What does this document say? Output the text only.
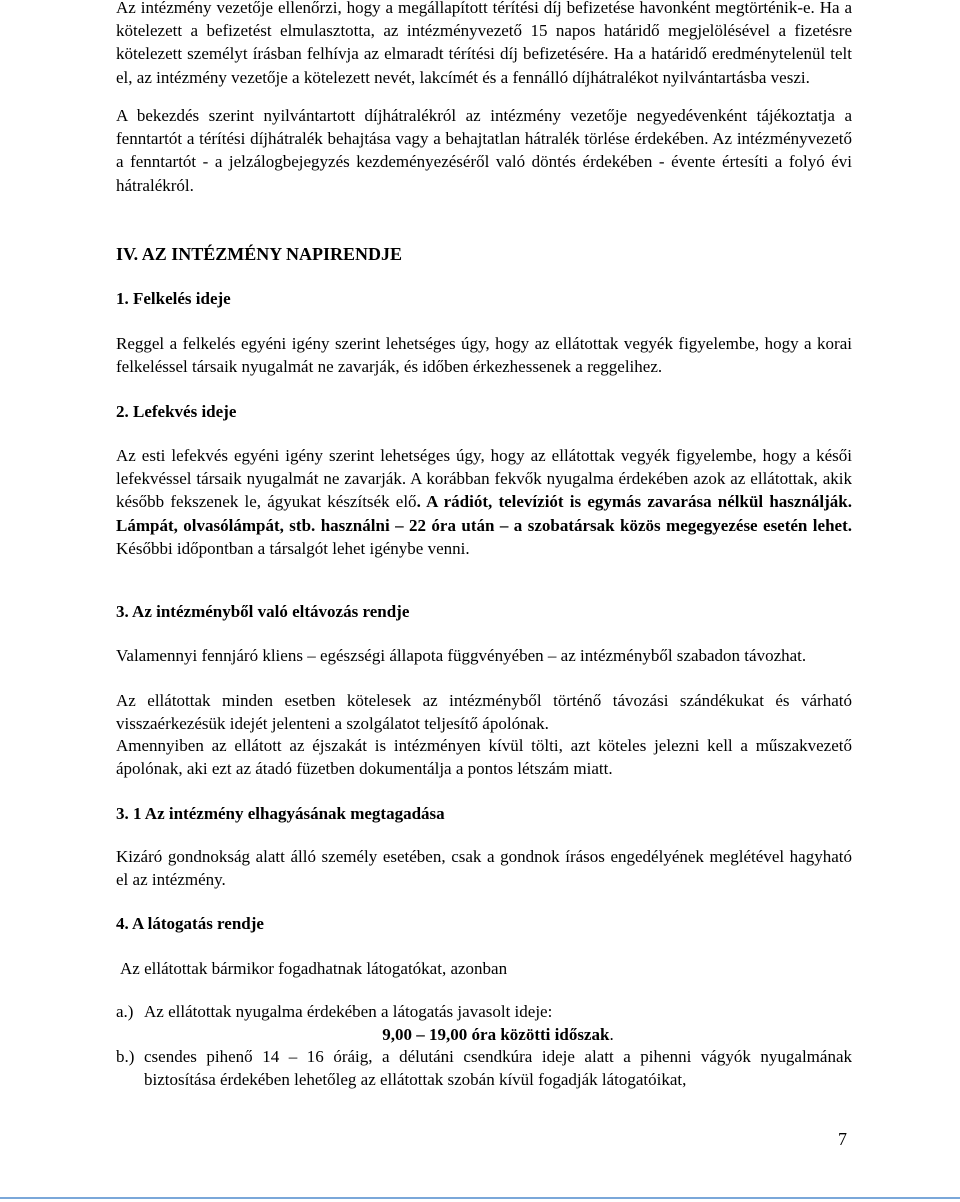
Az intézmény vezetője ellenőrzi, hogy a megállapított térítési díj befizetése havonként megtörténik-e. Ha a kötelezett a befizetést elmulasztotta, az intézményvezető 15 napos határidő megjelölésével a fizetésre kötelezett személyt írásban felhívja az elmaradt térítési díj befizetésére. Ha a határidő eredménytelenül telt el, az intézmény vezetője a kötelezett nevét, lakcímét és a fennálló díjhátralékot nyilvántartásba veszi.

A bekezdés szerint nyilvántartott díjhátralékról az intézmény vezetője negyedévenként tájékoztatja a fenntartót a térítési díjhátralék behajtása vagy a behajtatlan hátralék törlése érdekében. Az intézményvezető a fenntartót - a jelzálogbejegyzés kezdeményezéséről való döntés érdekében - évente értesíti a folyó évi hátralékról.

IV. AZ INTÉZMÉNY NAPIRENDJE
1. Felkelés ideje

Reggel a felkelés egyéni igény szerint lehetséges úgy, hogy az ellátottak vegyék figyelembe, hogy a korai felkeléssel társaik nyugalmát ne zavarják, és időben érkezhessenek a reggelihez.

2. Lefekvés ideje

Az esti lefekvés egyéni igény szerint lehetséges úgy, hogy az ellátottak vegyék figyelembe, hogy a késői lefekvéssel társaik nyugalmát ne zavarják. A korábban fekvők nyugalma érdekében azok az ellátottak, akik később fekszenek le, ágyukat készítsék elő. A rádiót, televíziót is egymás zavarása nélkül használják. Lámpát, olvasólámpát, stb. használni – 22 óra után – a szobatársak közös megegyezése esetén lehet. Későbbi időpontban a társalgót lehet igénybe venni.

3. Az intézményből való eltávozás rendje

Valamennyi fennjáró kliens – egészségi állapota függvényében – az intézményből szabadon távozhat.

Az ellátottak minden esetben kötelesek az intézményből történő távozási szándékukat és várható visszaérkezésük idejét jelenteni a szolgálatot teljesítő ápolónak.

Amennyiben az ellátott az éjszakát is intézményen kívül tölti, azt köteles jelezni kell a műszakvezető ápolónak, aki ezt az átadó füzetben dokumentálja a pontos létszám miatt.

3. 1 Az intézmény elhagyásának megtagadása

Kizáró gondnokság alatt álló személy esetében, csak a gondnok írásos engedélyének meglétével hagyható el az intézmény.

4. A látogatás rendje
Az ellátottak bármikor fogadhatnak látogatókat, azonban
a.) Az ellátottak nyugalma érdekében a látogatás javasolt ideje:
9,00 – 19,00 óra közötti időszak.
b.) csendes pihenő 14 – 16 óráig, a délutáni csendkúra ideje alatt a pihenni vágyók nyugalmának biztosítása érdekében lehetőleg az ellátottak szobán kívül fogadják látogatóikat,
7
